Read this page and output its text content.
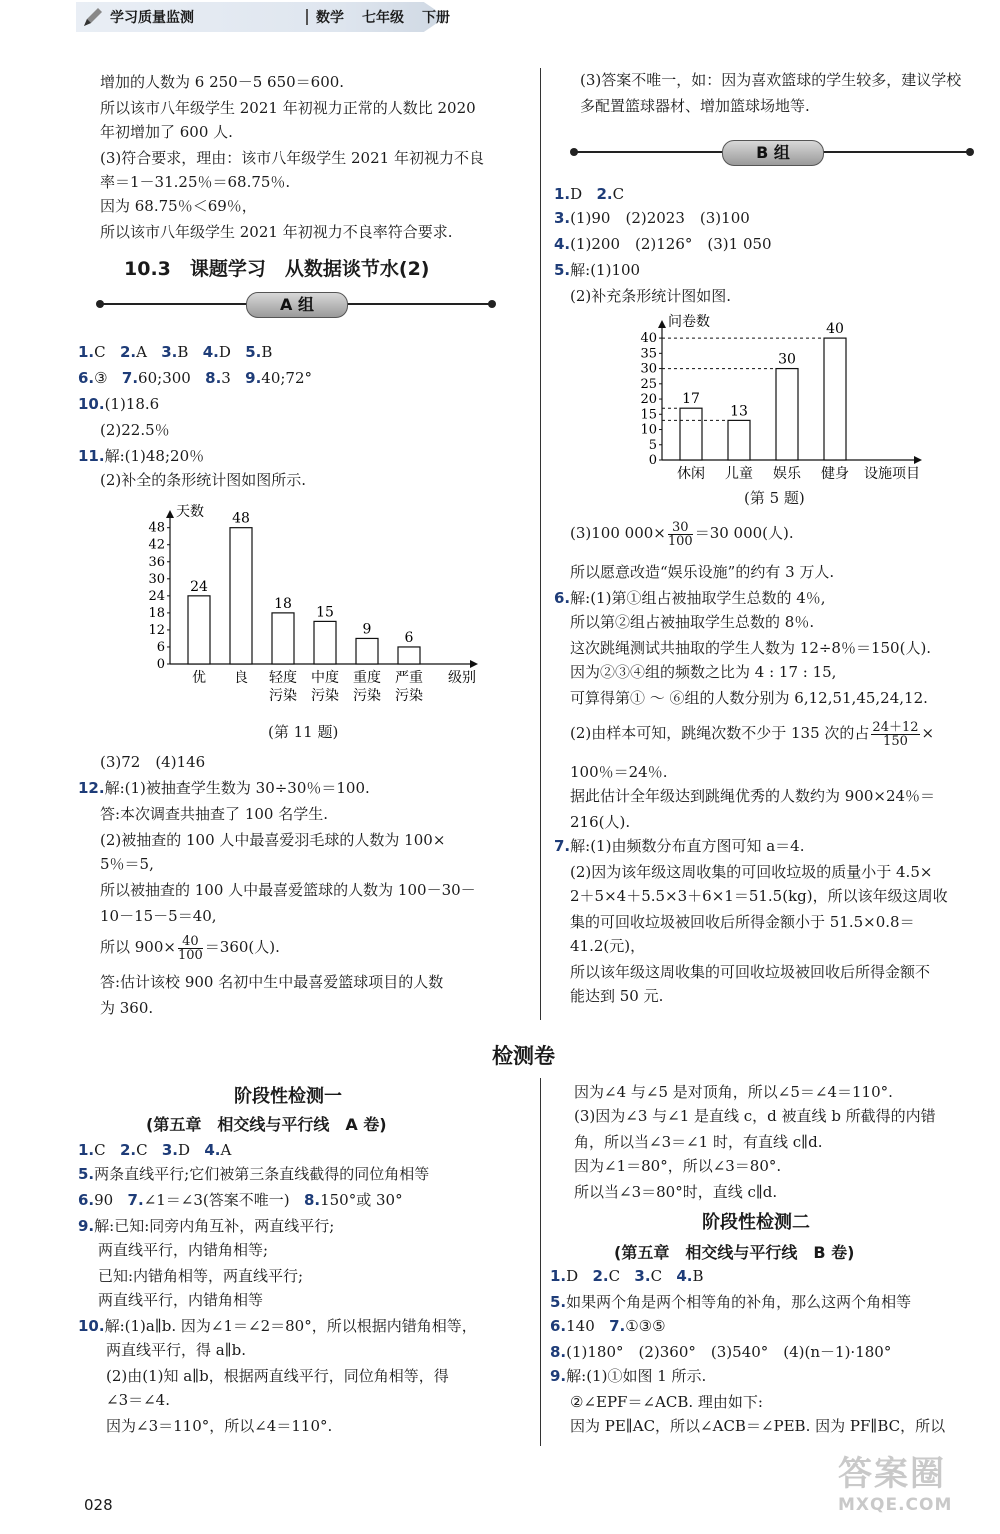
学习质量监测	数学 七年级 下册
增加的人数为 6 250－5 650＝600.
所以该市八年级学生 2021 年初视力正常的人数比 2020
年初增加了 600 人.
(3)符合要求，理由：该市八年级学生 2021 年初视力不良
率＝1－31.25％＝68.75％.
因为 68.75％＜69％，
所以该市八年级学生 2021 年初视力不良率符合要求.
10.3　课题学习　从数据谈节水(2)
A 组
1.C 2.A 3.B 4.D 5.B
6.③ 7.60;300 8.3 9.40;72°
10.(1)18.6
(2)22.5％
11.解:(1)48;20％
(2)补全的条形统计图如图所示.
0
6
12
18
24
30
36
42
48
天数
24
优
48
良
18
轻度
污染
15
中度
污染
9
重度
污染
6
严重
污染
级别
(第 11 题)
(3)72　(4)146
12.解:(1)被抽查学生数为 30÷30％＝100.
答:本次调查共抽查了 100 名学生.
(2)被抽查的 100 人中最喜爱羽毛球的人数为 100×
5％＝5,
所以被抽查的 100 人中最喜爱篮球的人数为 100－30－
10－15－5＝40,
所以 $900\times \frac{40}{100} =360$(人).
答:估计该校 900 名初中生中最喜爱篮球项目的人数
为 360.
(3)答案不唯一，如：因为喜欢篮球的学生较多，建议学校
多配置篮球器材、增加篮球场地等.
B 组
1.D 2.C
3.(1)90　(2)2023　(3)100
4.(1)200　(2)126°　(3)1 050
5.解:(1)100
(2)补充条形统计图如图.
0
5
10
15
20
25
30
35
40
问卷数
17
休闲
13
儿童
30
娱乐
40
健身 设施项目
(第 5 题)
(3)100 $000\times \frac{30}{100} =30$ 000(人).
所以愿意改造“娱乐设施”的约有 3 万人.
6.解:(1)第①组占被抽取学生总数的 4％,
所以第②组占被抽取学生总数的 8％.
这次跳绳测试共抽取的学生人数为 12÷8％＝150(人).
因为②③④组的频数之比为 4 : 17 : 15,
可算得第① ～ ⑥组的人数分别为 6,12,51,45,24,12.
(2)由样本可知，跳绳次数不少于 135 次的占 $\frac{24+12}{150}$ ×
100％＝24％.
据此估计全年级达到跳绳优秀的人数约为 900×24％＝
216(人).
7.解:(1)由频数分布直方图可知 a＝4.
(2)因为该年级这周收集的可回收垃圾的质量小于 4.5×
2＋5×4＋5.5×3＋6×1＝51.5(kg)，所以该年级这周收
集的可回收垃圾被回收后所得金额小于 51.5×0.8＝
41.2(元)，
所以该年级这周收集的可回收垃圾被回收后所得金额不
能达到 50 元.
检测卷
阶段性检测一
(第五章　相交线与平行线　A 卷)
1.C 2.C 3.D 4.A
5.两条直线平行;它们被第三条直线截得的同位角相等
6.90 7.∠1＝∠3(答案不唯一) 8.150°或 30°
9.解:已知:同旁内角互补，两直线平行;
两直线平行，内错角相等;
已知:内错角相等，两直线平行;
两直线平行，内错角相等
10.解:(1)a∥b. 因为∠1＝∠2＝80°，所以根据内错角相等，
两直线平行，得 a∥b.
(2)由(1)知 a∥b，根据两直线平行，同位角相等，得
∠3＝∠4.
因为∠3＝110°，所以∠4＝110°.
因为∠4 与∠5 是对顶角，所以∠5＝∠4＝110°.
(3)因为∠3 与∠1 是直线 c，d 被直线 b 所截得的内错
角，所以当∠3＝∠1 时，有直线 c∥d.
因为∠1＝80°，所以∠3＝80°.
所以当∠3＝80°时，直线 c∥d.
阶段性检测二
(第五章　相交线与平行线　B 卷)
1.D 2.C 3.C 4.B
5.如果两个角是两个相等角的补角，那么这两个角相等
6.140 7.①③⑤
8.(1)180°　(2)360°　(3)540°　(4)(n－1)·180°
9.解:(1)①如图 1 所示.
②∠EPF＝∠ACB. 理由如下:
因为 PE∥AC，所以∠ACB＝∠PEB. 因为 PF∥BC，所以
028
答案圈
MXQE.COM
